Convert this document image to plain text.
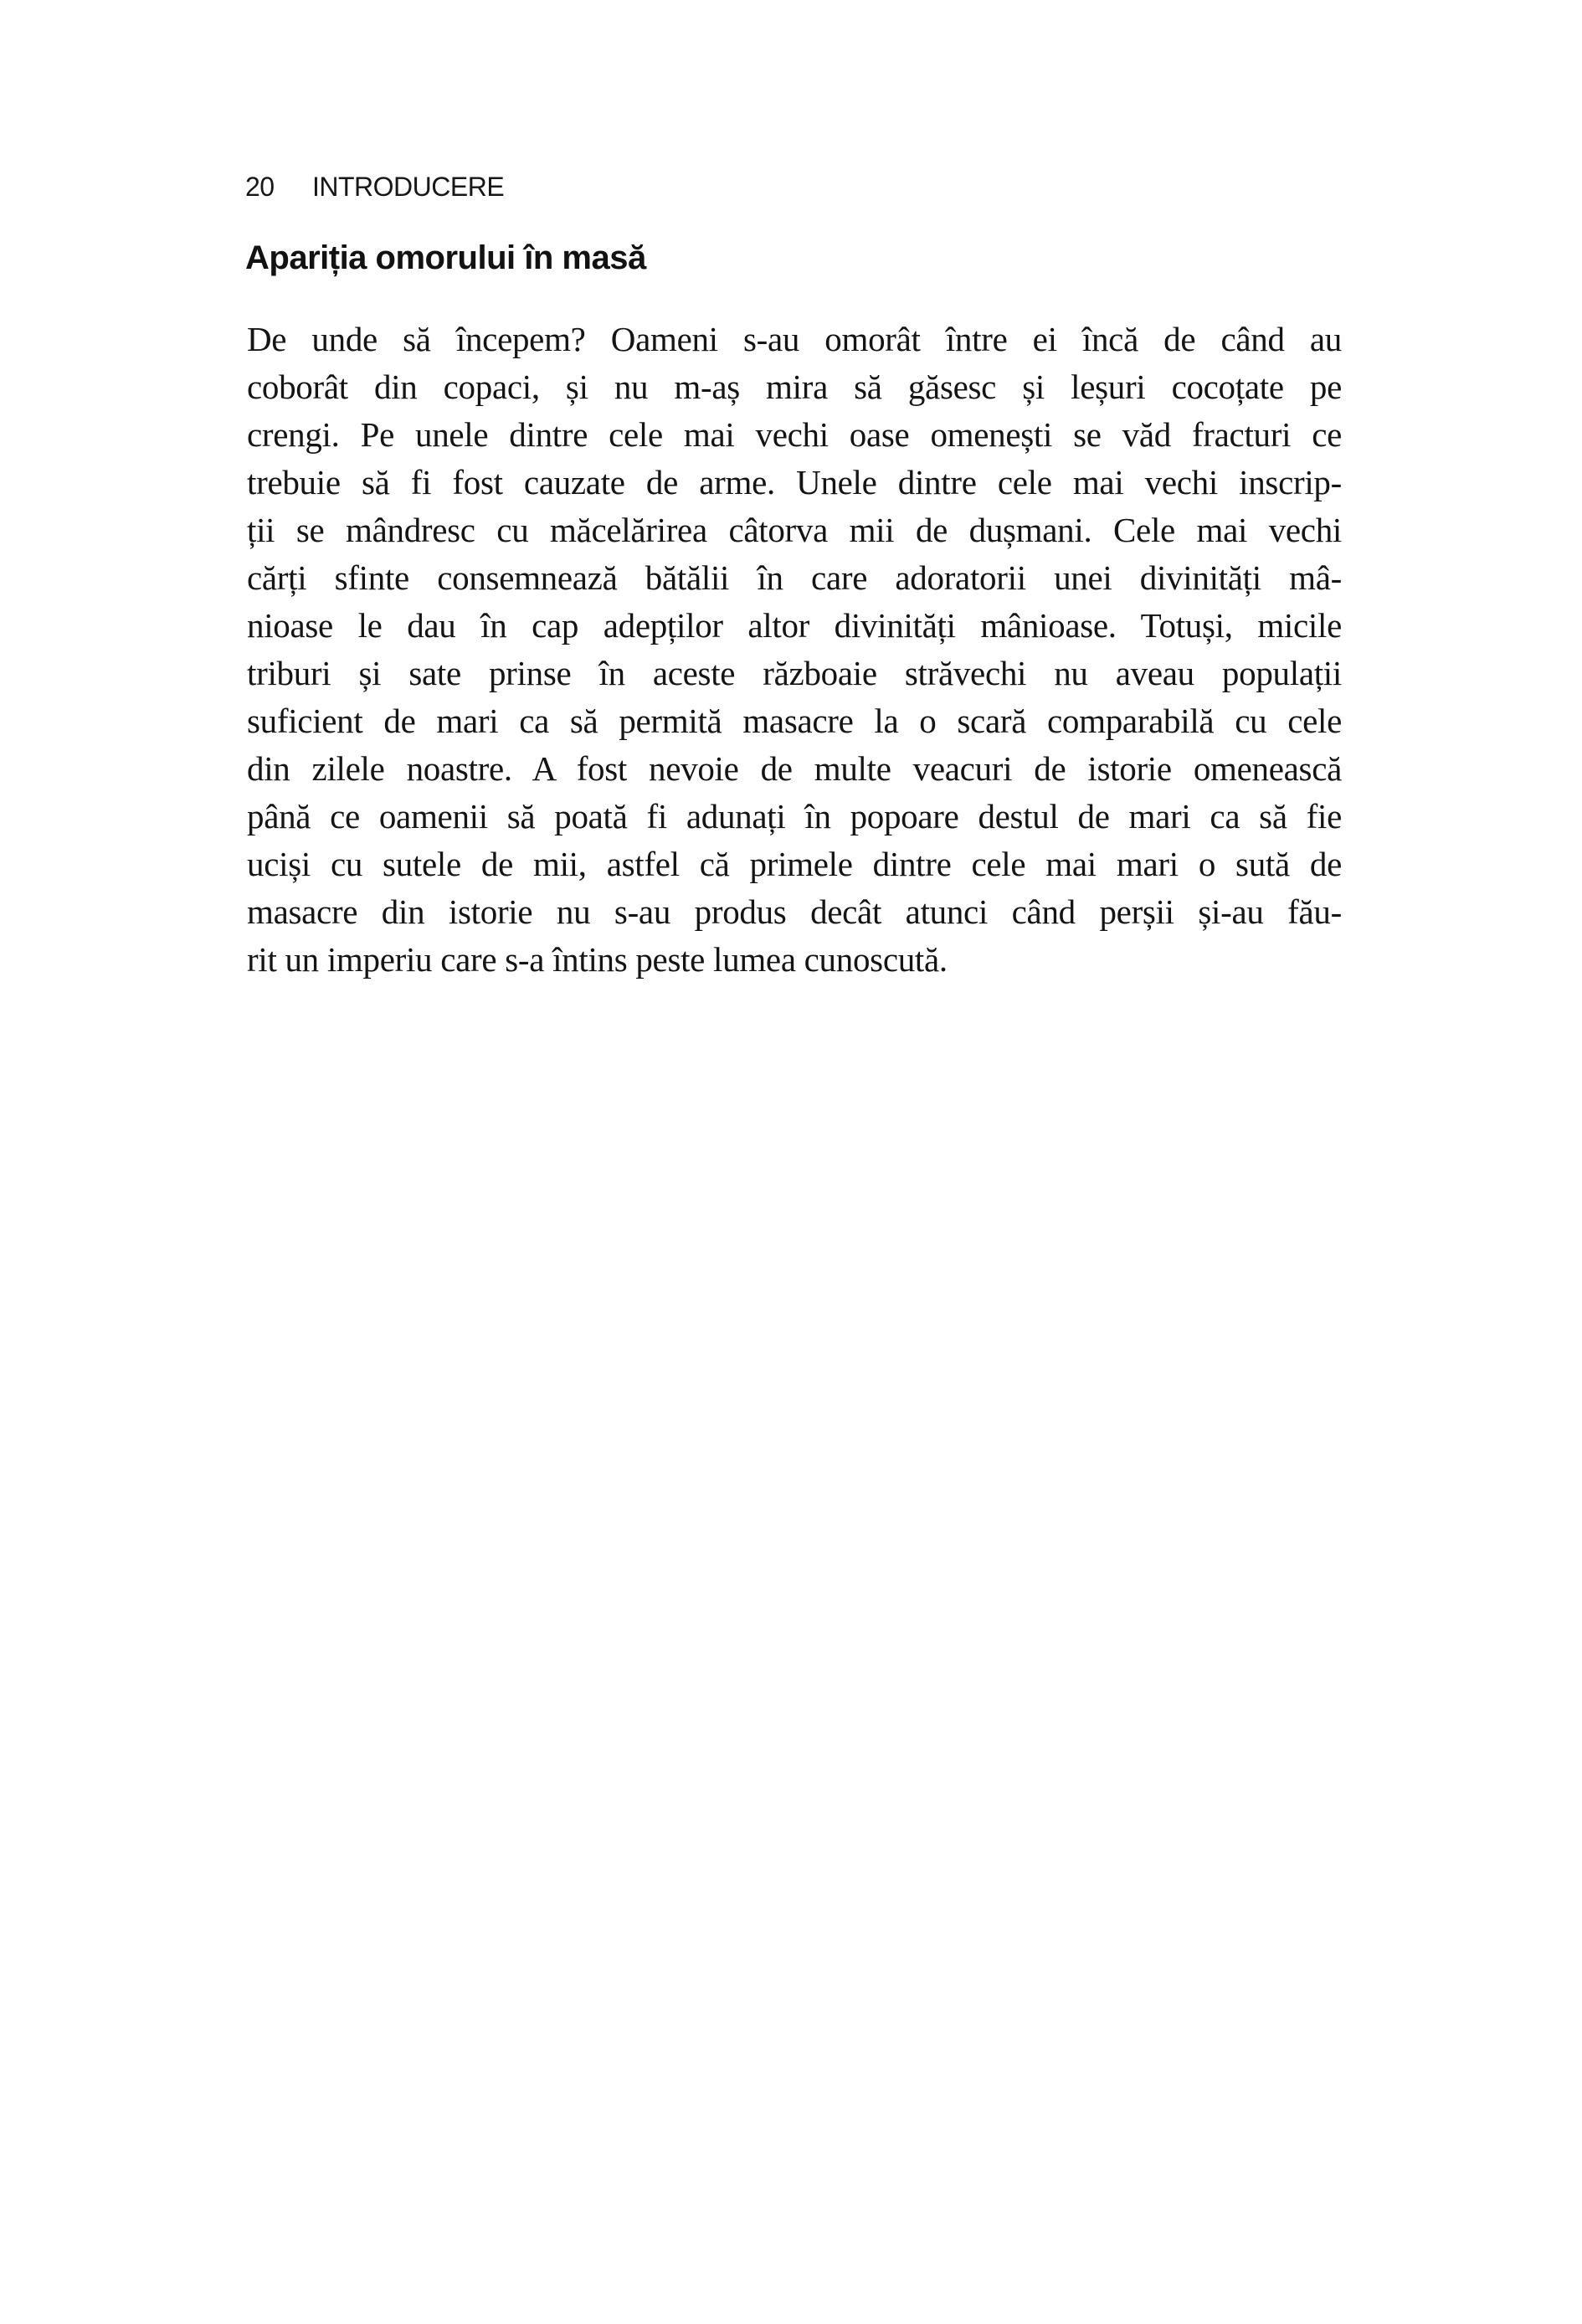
20	INTRODUCERE
Apariția omorului în masă
De unde să începem? Oameni s-au omorât între ei încă de când au
coborât din copaci, și nu m-aș mira să găsesc și leșuri cocoțate pe
crengi. Pe unele dintre cele mai vechi oase omenești se văd fracturi ce
trebuie să fi fost cauzate de arme. Unele dintre cele mai vechi inscrip-
ții se mândresc cu măcelărirea câtorva mii de dușmani. Cele mai vechi
cărți sfinte consemnează bătălii în care adoratorii unei divinități mâ-
nioase le dau în cap adepților altor divinități mânioase. Totuși, micile
triburi și sate prinse în aceste războaie străvechi nu aveau populații
suficient de mari ca să permită masacre la o scară comparabilă cu cele
din zilele noastre. A fost nevoie de multe veacuri de istorie omenească
până ce oamenii să poată fi adunați în popoare destul de mari ca să fie
uciși cu sutele de mii, astfel că primele dintre cele mai mari o sută de
masacre din istorie nu s-au produs decât atunci când perșii și-au fău-
rit un imperiu care s-a întins peste lumea cunoscută.
